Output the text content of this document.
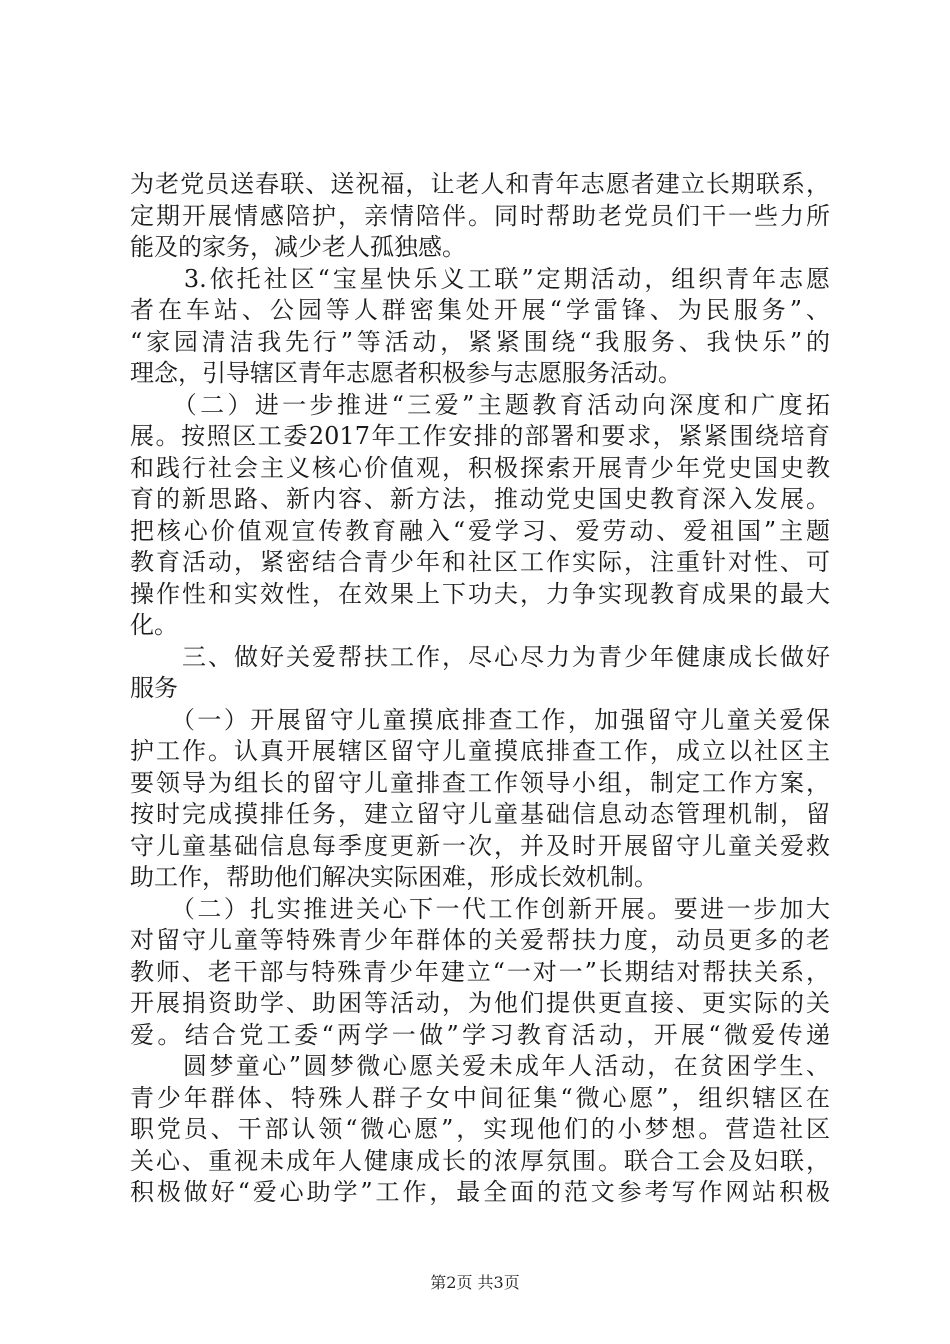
为老党员送春联、送祝福，让老人和青年志愿者建立长期联系，
定期开展情感陪护，亲情陪伴。同时帮助老党员们干一些力所
能及的家务，减少老人孤独感。
　　3.依托社区“宝星快乐义工联”定期活动，组织青年志愿
者在车站、公园等人群密集处开展“学雷锋、为民服务”、
“家园清洁我先行”等活动，紧紧围绕“我服务、我快乐”的
理念，引导辖区青年志愿者积极参与志愿服务活动。
　　（二）进一步推进“三爱”主题教育活动向深度和广度拓
展。按照区工委2017年工作安排的部署和要求，紧紧围绕培育
和践行社会主义核心价值观，积极探索开展青少年党史国史教
育的新思路、新内容、新方法，推动党史国史教育深入发展。
把核心价值观宣传教育融入“爱学习、爱劳动、爱祖国”主题
教育活动，紧密结合青少年和社区工作实际，注重针对性、可
操作性和实效性，在效果上下功夫，力争实现教育成果的最大
化。
　　三、做好关爱帮扶工作，尽心尽力为青少年健康成长做好
服务
　　（一）开展留守儿童摸底排查工作，加强留守儿童关爱保
护工作。认真开展辖区留守儿童摸底排查工作，成立以社区主
要领导为组长的留守儿童排查工作领导小组，制定工作方案，
按时完成摸排任务，建立留守儿童基础信息动态管理机制，留
守儿童基础信息每季度更新一次，并及时开展留守儿童关爱救
助工作，帮助他们解决实际困难，形成长效机制。
　　（二）扎实推进关心下一代工作创新开展。要进一步加大
对留守儿童等特殊青少年群体的关爱帮扶力度，动员更多的老
教师、老干部与特殊青少年建立“一对一”长期结对帮扶关系，
开展捐资助学、助困等活动，为他们提供更直接、更实际的关
爱。结合党工委“两学一做”学习教育活动，开展“微爱传递
　　圆梦童心”圆梦微心愿关爱未成年人活动，在贫困学生、
青少年群体、特殊人群子女中间征集“微心愿”，组织辖区在
职党员、干部认领“微心愿”，实现他们的小梦想。营造社区
关心、重视未成年人健康成长的浓厚氛围。联合工会及妇联，
积极做好“爱心助学”工作，最全面的范文参考写作网站积极
第2页 共3页
